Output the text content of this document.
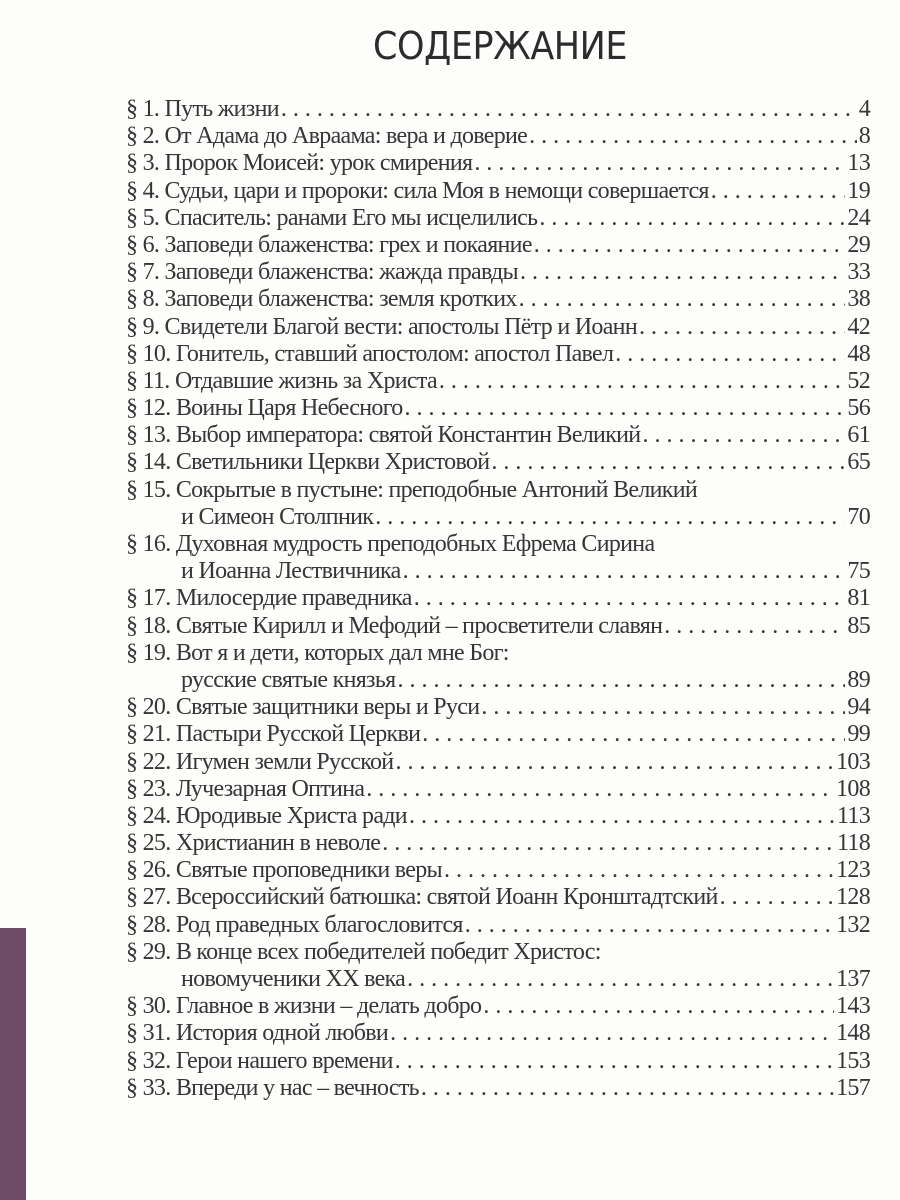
СОДЕРЖАНИЕ
§ 1. Путь жизни . . .	4
§ 2. От Адама до Авраама: вера и доверие . . .	8
§ 3. Пророк Моисей: урок смирения . . .	13
§ 4. Судьи, цари и пророки: сила Моя в немощи совершается . . .	19
§ 5. Спаситель: ранами Его мы исцелились . . .	24
§ 6. Заповеди блаженства: грех и покаяние . . .	29
§ 7. Заповеди блаженства: жажда правды . . .	33
§ 8. Заповеди блаженства: земля кротких . . .	38
§ 9. Свидетели Благой вести: апостолы Пётр и Иоанн . . .	42
§ 10. Гонитель, ставший апостолом: апостол Павел . . .	48
§ 11. Отдавшие жизнь за Христа . . .	52
§ 12. Воины Царя Небесного . . .	56
§ 13. Выбор императора: святой Константин Великий . . .	61
§ 14. Светильники Церкви Христовой . . .	65
§ 15. Сокрытые в пустыне: преподобные Антоний Великий
и Симеон Столпник . . .	70
§ 16. Духовная мудрость преподобных Ефрема Сирина
и Иоанна Лествичника . . .	75
§ 17. Милосердие праведника . . .	81
§ 18. Святые Кирилл и Мефодий – просветители славян . . .	85
§ 19. Вот я и дети, которых дал мне Бог:
русские святые князья . . .	89
§ 20. Святые защитники веры и Руси . . .	94
§ 21. Пастыри Русской Церкви . . .	99
§ 22. Игумен земли Русской . . .	103
§ 23. Лучезарная Оптина . . .	108
§ 24. Юродивые Христа ради . . .	113
§ 25. Христианин в неволе . . .	118
§ 26. Святые проповедники веры . . .	123
§ 27. Всероссийский батюшка: святой Иоанн Кронштадтский . . .	128
§ 28. Род праведных благословится . . .	132
§ 29. В конце всех победителей победит Христос:
новомученики XX века . . .	137
§ 30. Главное в жизни – делать добро . . .	143
§ 31. История одной любви . . .	148
§ 32. Герои нашего времени . . .	153
§ 33. Впереди у нас – вечность . . .	157
